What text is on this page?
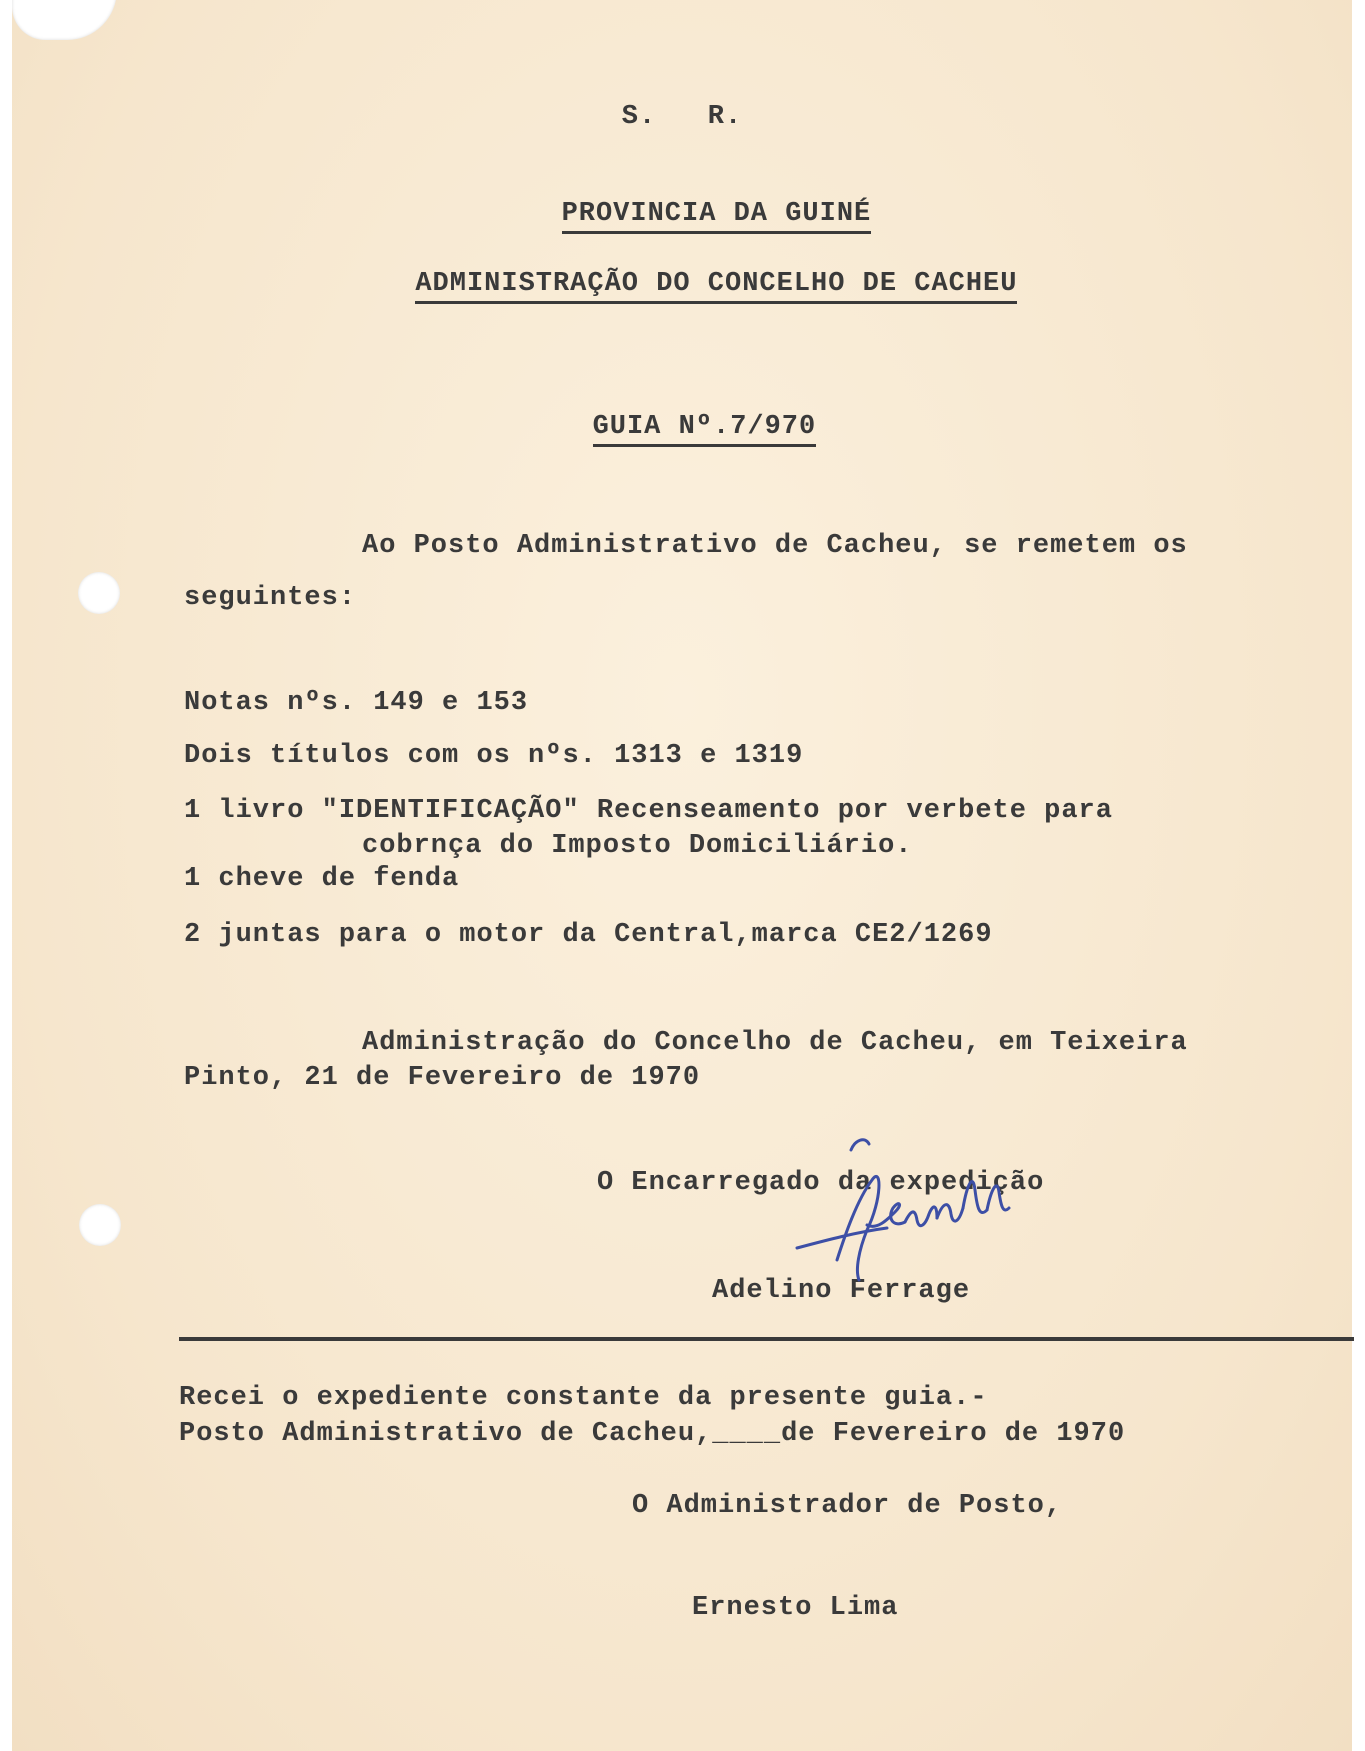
S.   R.

PROVINCIA DA GUINÉ

ADMINISTRAÇÃO DO CONCELHO DE CACHEU

GUIA Nº.7/970

Ao Posto Administrativo de Cacheu, se remetem os
seguintes:
Notas nºs. 149 e 153
Dois títulos com os nºs. 1313 e 1319
1 livro "IDENTIFICAÇÃO" Recenseamento por verbete para
cobrnça do Imposto Domiciliário.
1 cheve de fenda
2 juntas para o motor da Central,marca CE2/1269
Administração do Concelho de Cacheu, em Teixeira
Pinto, 21 de Fevereiro de 1970
O Encarregado da expedição
Adelino Ferrage
Recei o expediente constante da presente guia.-
Posto Administrativo de Cacheu,____de Fevereiro de 1970
O Administrador de Posto,
Ernesto Lima
